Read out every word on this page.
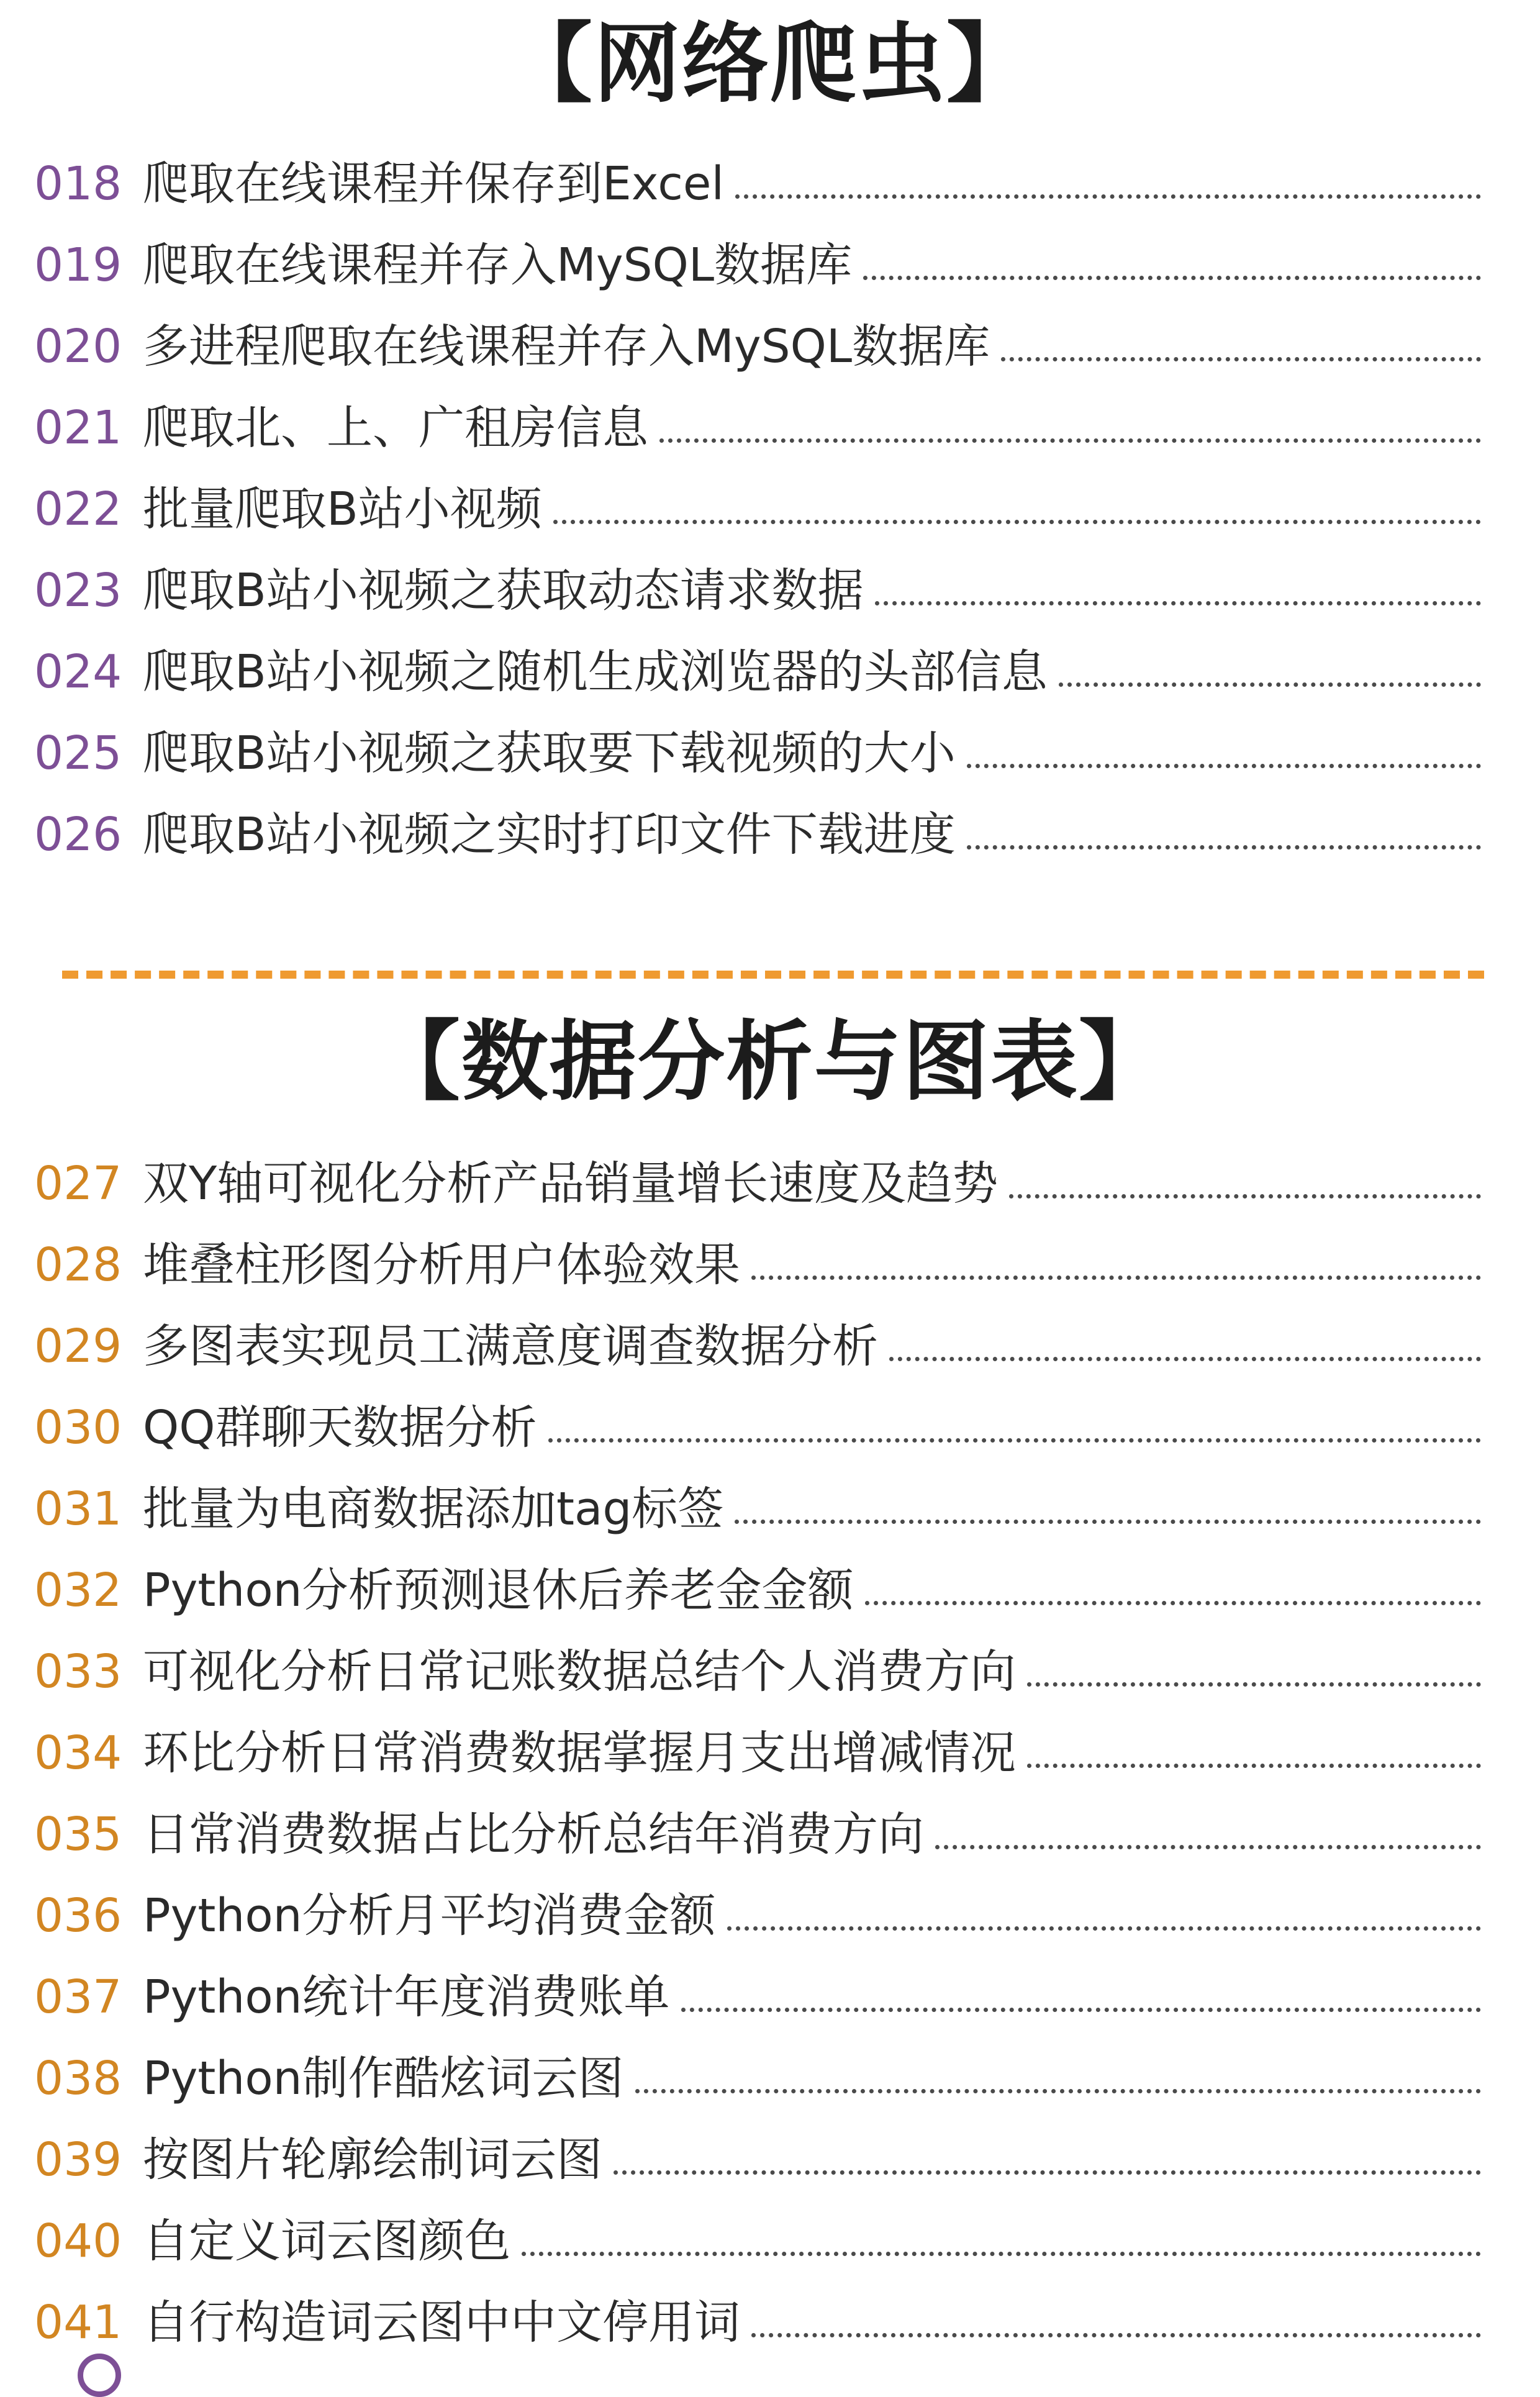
【网络爬虫】
018 爬取在线课程并保存到Excel
019 爬取在线课程并存入MySQL数据库
020 多进程爬取在线课程并存入MySQL数据库
021 爬取北、上、广租房信息
022 批量爬取B站小视频
023 爬取B站小视频之获取动态请求数据
024 爬取B站小视频之随机生成浏览器的头部信息
025 爬取B站小视频之获取要下载视频的大小
026 爬取B站小视频之实时打印文件下载进度
【数据分析与图表】
027 双Y轴可视化分析产品销量增长速度及趋势
028 堆叠柱形图分析用户体验效果
029 多图表实现员工满意度调查数据分析
030 QQ群聊天数据分析
031 批量为电商数据添加tag标签
032 Python分析预测退休后养老金金额
033 可视化分析日常记账数据总结个人消费方向
034 环比分析日常消费数据掌握月支出增减情况
035 日常消费数据占比分析总结年消费方向
036 Python分析月平均消费金额
037 Python统计年度消费账单
038 Python制作酷炫词云图
039 按图片轮廓绘制词云图
040 自定义词云图颜色
041 自行构造词云图中中文停用词
